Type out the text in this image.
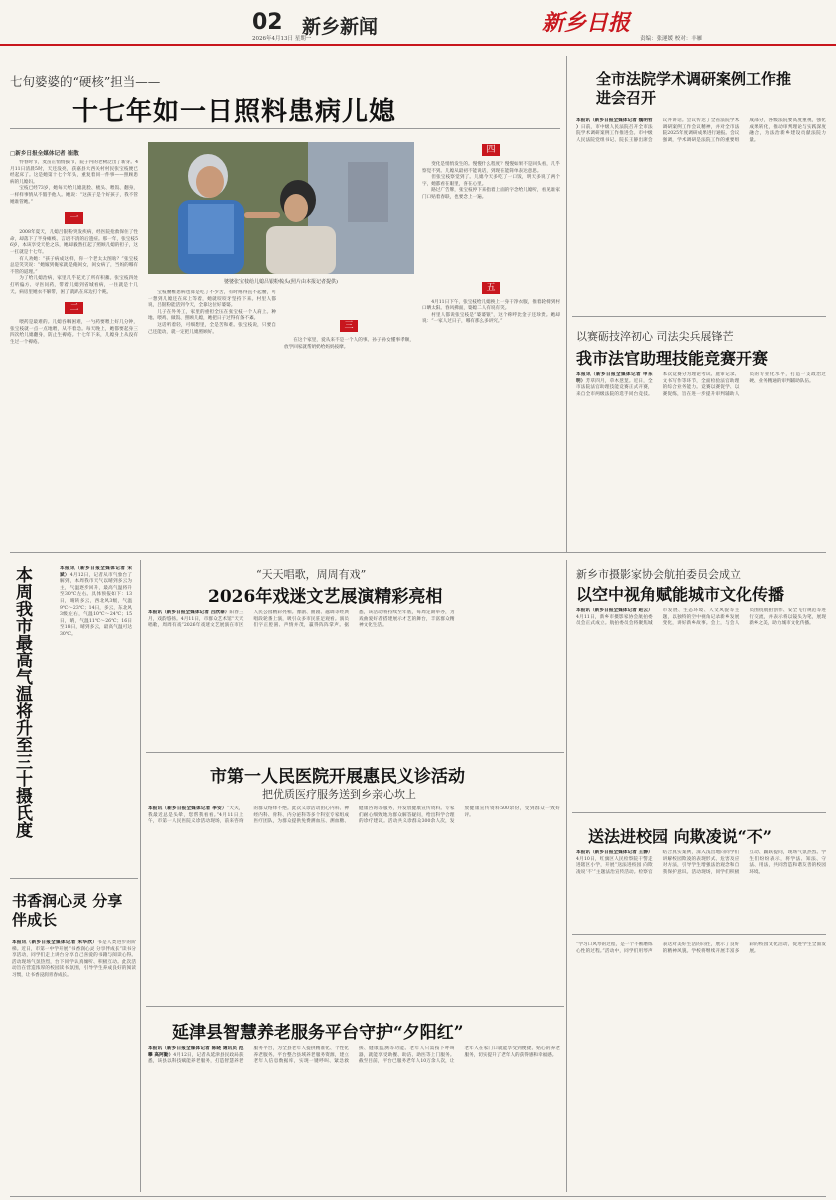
02 新乡新闻	新乡日报
2026年4月13日 星期一	责编：张運媛 校对：丰雁
七旬婆婆的“硬核”担当——
十七年如一日照料患病儿媳
□新乡日报全媒体记者 崔散

怜春时节，麦苗正悄悄拔节，院子内的老树泛出了新芽。4月11日清晨5时，天还没亮，获嘉县大西关村村民张宝枝便已经起床了。这是她第十七个年头，重复着同一件事——照顾患病的儿媳妇。

宝枝已经73岁，她每天给儿媳洗脸、梳头、喂饭、翻身，一样样事情从不假手他人。她说：“这孩子是个好孩子，我不管她谁管她。”

一

2008年夏天，儿媳吕银粉突发疾病，经医院抢救保住了性命，却落下了半身瘫痪、言语不清的后遗症。那一年，张宝枝56岁，本该享受天伦之乐，她却毅然扛起了照顾儿媳的担子，这一扛就是十七年。

有人劝她：“孩子病成这样，你一个老太太图啥？”张宝枝总是笑笑说：“她嫁到俺家就是俺闺女，闺女病了，当妈的哪有不管的道理。”

为了给儿媳治病，家里几乎花光了所有积蓄。张宝枝四处打听偏方、寻医问药，带着儿媳到省城看病，一住就是十几天。病房里她衣不解带，困了就趴在床边打个盹。

二

喂药是最难的。儿媳吞咽困难，一勺药要喂上好几分钟，张宝枝就一点一点地喂，从不着急。每天晚上，她都要起身三四次给儿媳翻身，防止生褥疮。十七年下来，儿媳身上从没有生过一个褥疮。

婆婆张宝枝给儿媳吕银粉梳头(照片由本报记者提供)

宝枝腰椎患病也算是吃了不少苦，有时疼得直不起腰，可一想到儿媳还在床上等着，她就咬咬牙坚持下来。村里人都说，吕银粉能活到今天，全靠这位好婆婆。

儿子在外务工，家里的重担全压在张宝枝一个人肩上。种地、喂鸡、做饭、照顾儿媳，她把日子过得有条不紊。

这话听着轻，可细想里，全是苦和难。张宝枝说，只要自己还能动，就一定把儿媳照顾好。

三

在这个家里，爱从来不是一个人的事。孙子孙女懂事孝顺，放学回家就帮奶奶给妈妈按摩。

四

变化是悄悄发生的。慢慢什么程度？慢慢如果不是回头看，几乎察觉不到。儿媳从最初不能说话，到现在能简单表达意思。

但张宝枝察觉到了。儿媳今天多吃了一口饭，明天多说了两个字，她都看在眼里，喜在心里。

路过广告牌，张宝枝停下来指着上面的字念给儿媳听，看见谁家门口贴着春联，也要念上一遍。

五

4月11日下午，张宝枝给儿媳换上一身干净衣服，推着轮椅到村口晒太阳。春风拂面，婆媳二人有说有笑。

村里人都说张宝枝是“婆婆银”，这个称呼比金子还珍贵。她却说：“一家人过日子，哪有那么多讲究。”

全市法院学术调研案例工作推进会召开
本报讯（新乡日报全媒体记者 魏明哲 ）日前，市中级人民法院召开全市法院学术调研案例工作推进会。市中级人民法院党组书记、院长王静出席会议并讲话。会议传达了全省法院学术调研案例工作会议精神，并对全市法院2025年度调研成果进行通报。会议强调，学术调研是法院工作的重要组成部分，各级法院要高度重视，强化成果转化，推动审判理论与实践深度融合，为法治新乡建设贡献法院力量。
以赛砺技淬初心 司法尖兵展锋芒
我市法官助理技能竞赛开赛
本报讯（新乡日报全媒体记者 申东明）芳草四月，草木葱茏。近日，全市法院法官助理技能竞赛正式开赛，来自全市两级法院的选手同台竞技。本次竞赛分为理论考试、庭审记录、文书写作等环节，全面检验法官助理的综合业务能力。竞赛以赛促学、以赛促练，旨在进一步提升审判辅助人员的专业化水平，打造一支政治过硬、业务精通的审判辅助队伍。
本周我市最高气温将升至三十摄氏度	本报讯（新乡日报全媒体记者 宋斌）4月12日，记者从市气象台了解到，本周我市天气以晴到多云为主，气温逐步回升，最高气温将升至30℃左右。具体预报如下：13日，晴转多云，西北风3级，气温9℃～23℃；14日，多云，东北风3级左右，气温10℃～24℃；15日，晴，气温11℃～26℃；16日至18日，晴到多云，最高气温可达30℃。
书香润心灵 分享伴成长
本报讯（新乡日报全媒体记者 朱华欣）书是人类进步的阶梯。近日，市第一中学开展“书香润心灵 分享伴成长”读书分享活动，同学们走上讲台分享自己喜爱的书籍与阅读心得。活动现场气氛热烈，台下同学认真倾听、积极互动。此次活动旨在营造浓厚的校园读书氛围，引导学生养成良好的阅读习惯，让书香浸润青春成长。
“天天唱歌，周周有戏”
2026年戏迷文艺展演精彩亮相
本报讯（新乡日报全媒体记者 吕欣泰）阳春三月，戏韵悠扬。4月11日，市群众艺术馆“天天唱歌，周周有戏”2026年戏迷文艺展演在市区人民公园精彩亮相。豫剧、曲剧、越调等经典唱段轮番上演，吸引众多市民驻足观看。演员们字正腔圆、声情并茂，赢得阵阵掌声。据悉，该活动将持续至年底，每周定期举办，为戏曲爱好者搭建展示才艺的舞台，丰富群众精神文化生活。
新乡市摄影家协会航拍委员会成立
以空中视角赋能城市文化传播
本报讯（新乡日报全媒体记者 赵云）4月11日，新乡市摄影家协会航拍委员会正式成立。航拍委员会将聚焦城市发展、生态环境、人文风貌等主题，以独特的空中视角记录新乡发展变化，讲好新乡故事。会上，与会人员围绕航拍创作、安全飞行规范等进行交流，并表示将以镜头为笔，展现新乡之美，助力城市文化传播。
市第一人民医院开展惠民义诊活动
把优质医疗服务送到乡亲心坎上
本报讯（新乡日报全媒体记者 李安）“大夫，我最近总是头晕，您帮我看看。”4月11日上午，市第一人民医院义诊活动现场，前来咨询的群众络绎不绝。此次义诊活动由心内科、神经内科、骨科、内分泌科等多个科室专家组成医疗团队，为群众提供免费测血压、测血糖、健康咨询等服务，并发放健康宣传资料。专家们耐心细致地为群众解答疑问，给出科学合理的诊疗建议。活动共义诊群众300余人次，发放健康宣传资料500余份，受到群众一致好评。
延津县智慧养老服务平台守护“夕阳红”
本报讯（新乡日报全媒体记者 陈晓 通讯员 范攀 高阿勤）4月12日，记者从延津县民政局获悉，该县以科技赋能养老服务，打造智慧养老服务平台，为全县老年人提供精准化、个性化养老服务。平台整合县域养老服务资源，建立老年人信息数据库，实现一键呼叫、紧急救援、健康监测等功能。老年人只需按下呼叫器，就能享受助餐、助洁、助医等上门服务。截至目前，平台已服务老年人10万余人次，让老年人在家门口就能享受到便捷、贴心的养老服务，切实提升了老年人的获得感和幸福感。
送法进校园 向欺凌说“不”
本报讯（新乡日报全媒体记者 王静）4月10日，红旗区人民检察院干警走进辖区小学，开展“送法进校园 向欺凌说‘不’”主题法治宣传活动。检察官结合真实案例，深入浅出地向同学们讲解校园欺凌的表现形式、危害及应对方法，引导学生增强法治观念和自我保护意识。活动现场，同学们积极互动、踊跃提问，现场气氛热烈。学生们纷纷表示，将学法、知法、守法、用法，共同营造和谐友善的校园环境。
“学习口风琴的过程，是一个不断磨炼心性的过程。”活动中，同学们用琴声表达对美好生活的向往，展示了良好的精神风貌。学校将继续开展丰富多彩的校园文化活动，促进学生全面发展。
